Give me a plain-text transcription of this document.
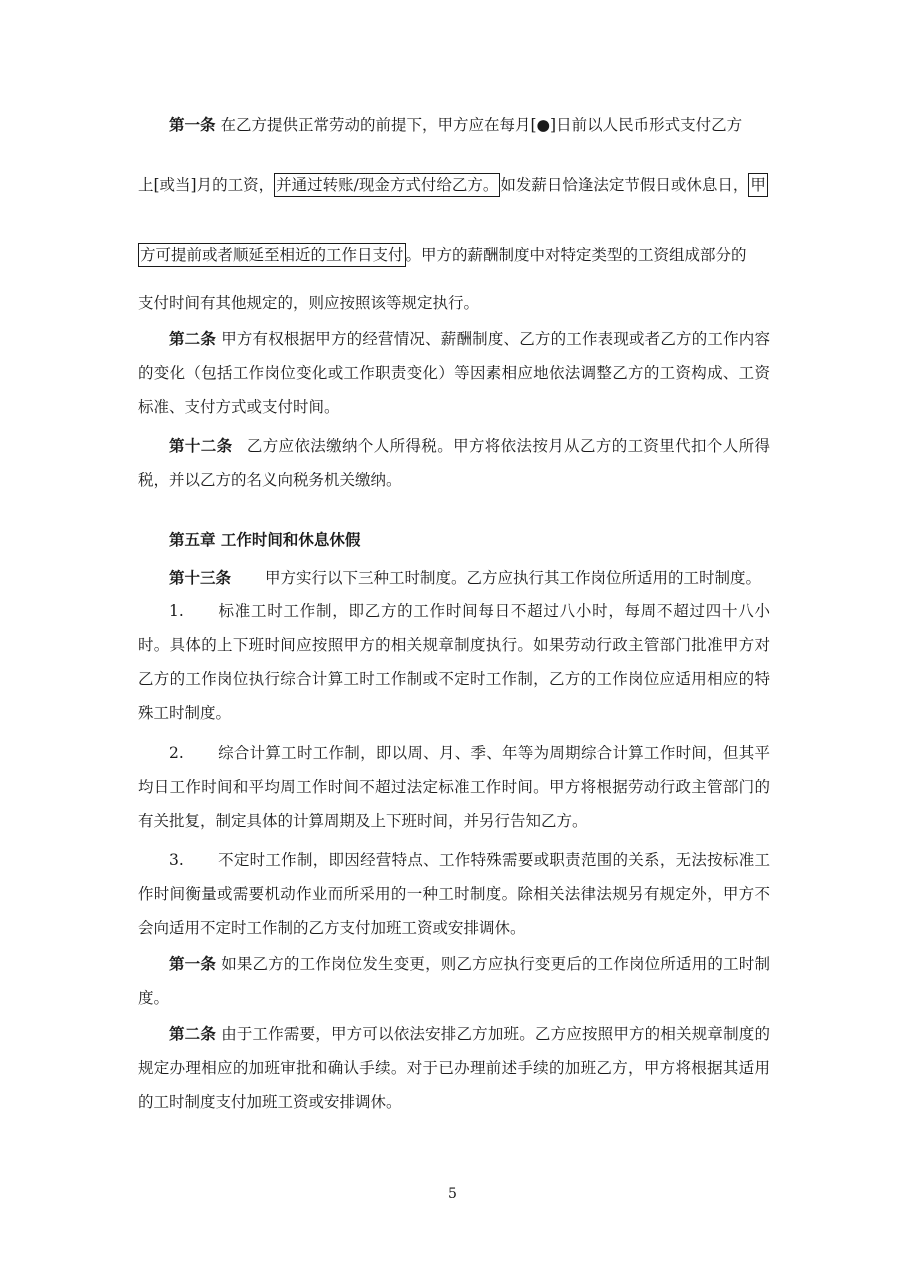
第一条 在乙方提供正常劳动的前提下，甲方应在每月[●]日前以人民币形式支付乙方

上[或当]月的工资， 并通过转账/现金方式付给乙方。 如发薪日恰逢法定节假日或休息日， 甲

方可提前或者顺延至相近的工作日支付 。甲方的薪酬制度中对特定类型的工资组成部分的

支付时间有其他规定的，则应按照该等规定执行。

第二条 甲方有权根据甲方的经营情况、薪酬制度、乙方的工作表现或者乙方的工作内容的变化（包括工作岗位变化或工作职责变化）等因素相应地依法调整乙方的工资构成、工资标准、支付方式或支付时间。

第十二条 乙方应依法缴纳个人所得税。甲方将依法按月从乙方的工资里代扣个人所得税，并以乙方的名义向税务机关缴纳。

第五章 工作时间和休息休假

第十三条 甲方实行以下三种工时制度。乙方应执行其工作岗位所适用的工时制度。

1. 标准工时工作制，即乙方的工作时间每日不超过八小时，每周不超过四十八小时。具体的上下班时间应按照甲方的相关规章制度执行。如果劳动行政主管部门批准甲方对乙方的工作岗位执行综合计算工时工作制或不定时工作制，乙方的工作岗位应适用相应的特殊工时制度。

2. 综合计算工时工作制，即以周、月、季、年等为周期综合计算工作时间，但其平均日工作时间和平均周工作时间不超过法定标准工作时间。甲方将根据劳动行政主管部门的有关批复，制定具体的计算周期及上下班时间，并另行告知乙方。

3. 不定时工作制，即因经营特点、工作特殊需要或职责范围的关系，无法按标准工作时间衡量或需要机动作业而所采用的一种工时制度。除相关法律法规另有规定外，甲方不会向适用不定时工作制的乙方支付加班工资或安排调休。

第一条 如果乙方的工作岗位发生变更，则乙方应执行变更后的工作岗位所适用的工时制度。

第二条 由于工作需要，甲方可以依法安排乙方加班。乙方应按照甲方的相关规章制度的规定办理相应的加班审批和确认手续。对于已办理前述手续的加班乙方，甲方将根据其适用的工时制度支付加班工资或安排调休。

5
